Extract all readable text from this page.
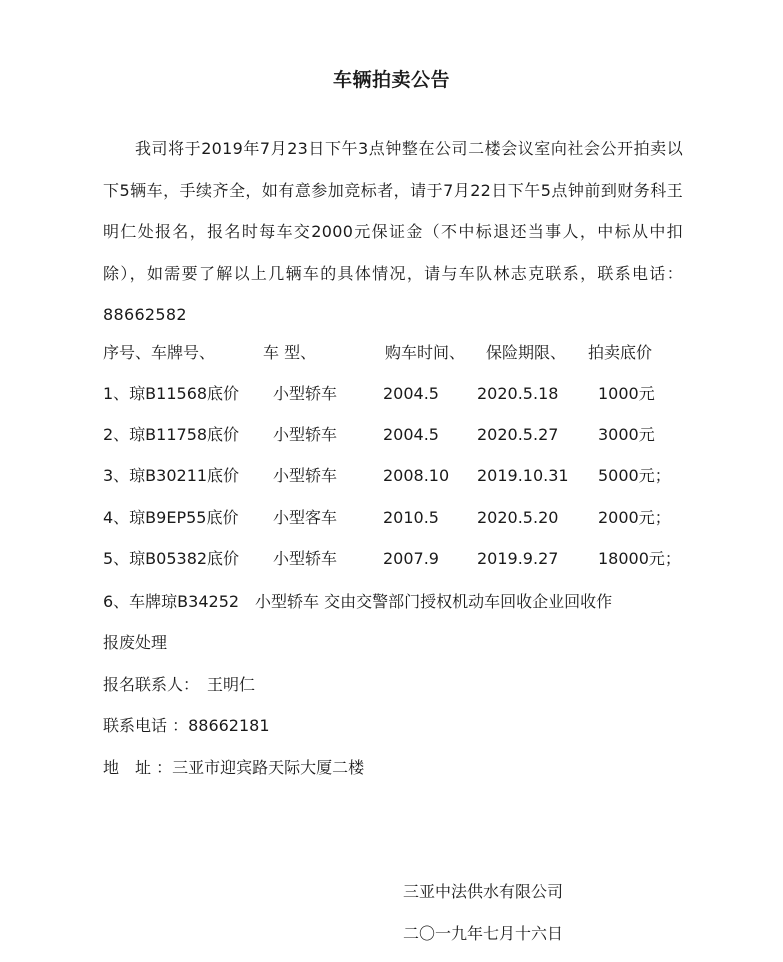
车辆拍卖公告

我司将于2019年7月23日下午3点钟整在公司二楼会议室向社会公开拍卖以下5辆车，手续齐全，如有意参加竞标者，请于7月22日下午5点钟前到财务科王明仁处报名，报名时每车交2000元保证金（不中标退还当事人，中标从中扣除），如需要了解以上几辆车的具体情况，请与车队林志克联系，联系电话：88662582

序号、车牌号、	车 型、	购车时间、 保险期限、 拍卖底价
1、琼B11568底价 小型轿车	2004.5 2020.5.18 1000元
2、琼B11758底价 小型轿车	2004.5 2020.5.27 3000元
3、琼B30211底价 小型轿车	2008.10 2019.10.31 5000元；
4、琼B9EP55底价 小型客车	2010.5 2020.5.20 2000元；
5、琼B05382底价 小型轿车	2007.9 2019.9.27 18000元；
6、车牌琼B34252　小型轿车 交由交警部门授权机动车回收企业回收作
报废处理
报名联系人：　王明仁
联系电话 ：88662181
地　址 ：三亚市迎宾路天际大厦二楼
三亚中法供水有限公司
二〇一九年七月十六日
